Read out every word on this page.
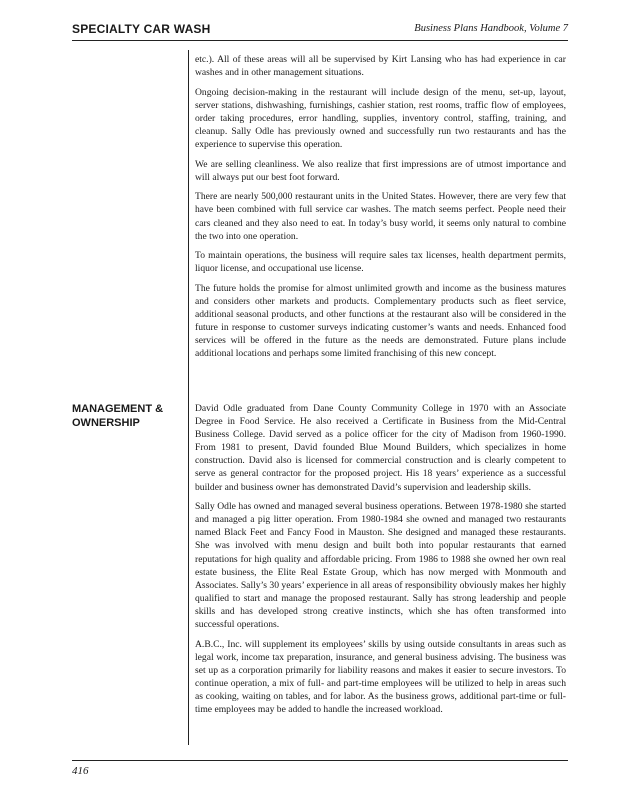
SPECIALTY CAR WASH	Business Plans Handbook, Volume 7

etc.). All of these areas will all be supervised by Kirt Lansing who has had experience in car washes and in other management situations.

Ongoing decision-making in the restaurant will include design of the menu, set-up, layout, server stations, dishwashing, furnishings, cashier station, rest rooms, traffic flow of employees, order taking procedures, error handling, supplies, inventory control, staffing, training, and cleanup. Sally Odle has previously owned and successfully run two restaurants and has the experience to supervise this operation.

We are selling cleanliness. We also realize that first impressions are of utmost importance and will always put our best foot forward.

There are nearly 500,000 restaurant units in the United States. However, there are very few that have been combined with full service car washes. The match seems perfect. People need their cars cleaned and they also need to eat. In today’s busy world, it seems only natural to combine the two into one operation.

To maintain operations, the business will require sales tax licenses, health department permits, liquor license, and occupational use license.

The future holds the promise for almost unlimited growth and income as the business matures and considers other markets and products. Complementary products such as fleet service, additional seasonal products, and other functions at the restaurant also will be considered in the future in response to customer surveys indicating customer’s wants and needs. Enhanced food services will be offered in the future as the needs are demonstrated. Future plans include additional locations and perhaps some limited franchising of this new concept.

MANAGEMENT &
OWNERSHIP

David Odle graduated from Dane County Community College in 1970 with an Associate Degree in Food Service. He also received a Certificate in Business from the Mid-Central Business College. David served as a police officer for the city of Madison from 1960-1990. From 1981 to present, David founded Blue Mound Builders, which specializes in home construction. David also is licensed for commercial construction and is clearly competent to serve as general contractor for the proposed project. His 18 years’ experience as a successful builder and business owner has demonstrated David’s supervision and leadership skills.

Sally Odle has owned and managed several business operations. Between 1978-1980 she started and managed a pig litter operation. From 1980-1984 she owned and managed two restaurants named Black Feet and Fancy Food in Mauston. She designed and managed these restaurants. She was involved with menu design and built both into popular restaurants that earned reputations for high quality and affordable pricing. From 1986 to 1988 she owned her own real estate business, the Elite Real Estate Group, which has now merged with Monmouth and Associates. Sally’s 30 years’ experience in all areas of responsibility obviously makes her highly qualified to start and manage the proposed restaurant. Sally has strong leadership and people skills and has developed strong creative instincts, which she has often transformed into successful operations.

A.B.C., Inc. will supplement its employees’ skills by using outside consultants in areas such as legal work, income tax preparation, insurance, and general business advising. The business was set up as a corporation primarily for liability reasons and makes it easier to secure investors. To continue operation, a mix of full- and part-time employees will be utilized to help in areas such as cooking, waiting on tables, and for labor. As the business grows, additional part-time or full-time employees may be added to handle the increased workload.

416
